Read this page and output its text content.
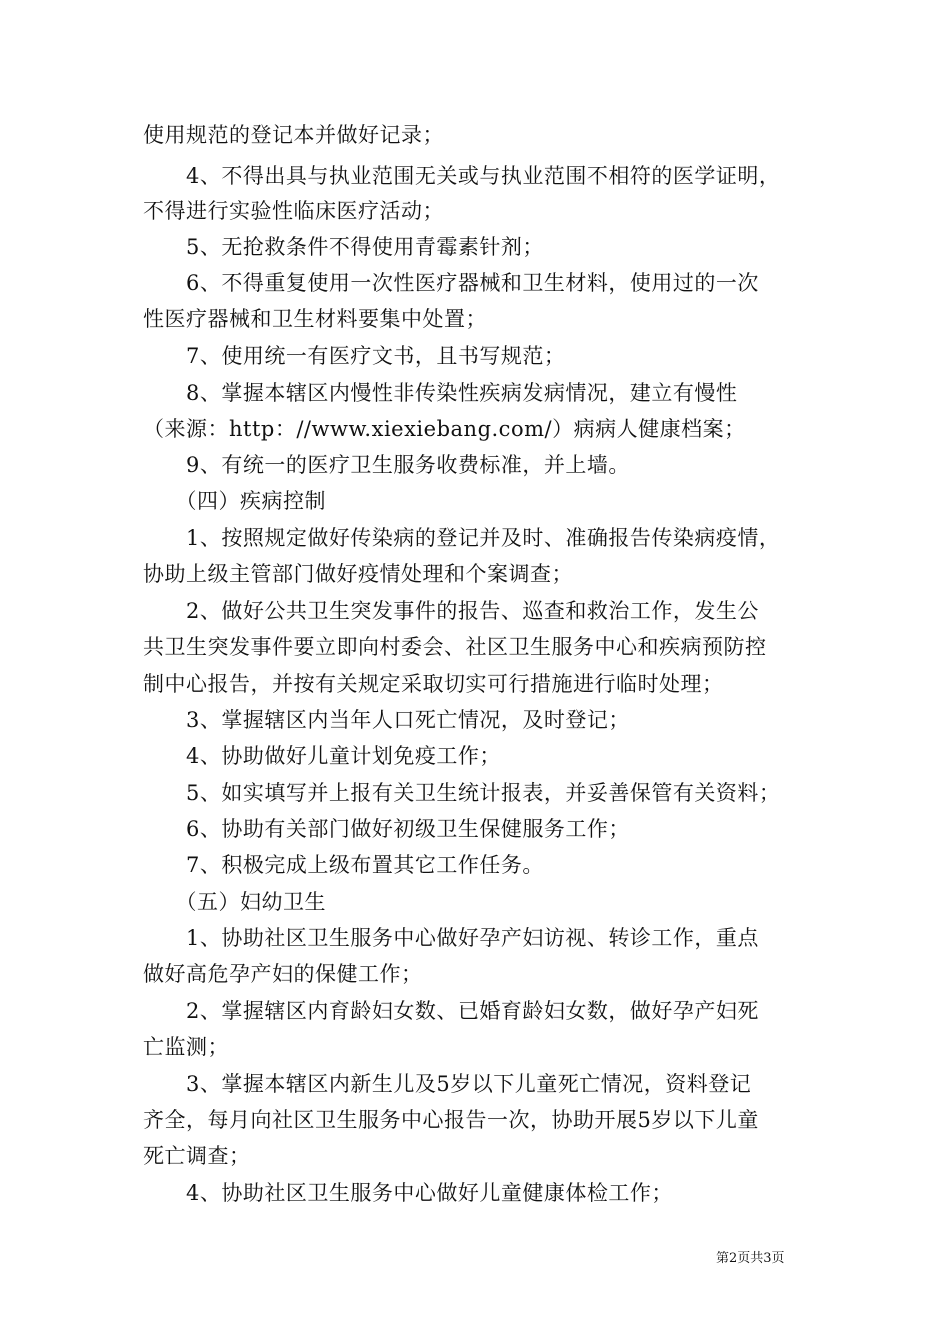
使用规范的登记本并做好记录；
　　4、不得出具与执业范围无关或与执业范围不相符的医学证明，
不得进行实验性临床医疗活动；
　　5、无抢救条件不得使用青霉素针剂；
　　6、不得重复使用一次性医疗器械和卫生材料，使用过的一次
性医疗器械和卫生材料要集中处置；
　　7、使用统一有医疗文书，且书写规范；
　　8、掌握本辖区内慢性非传染性疾病发病情况，建立有慢性
（来源：http：//www.xiexiebang.com/）病病人健康档案；
　　9、有统一的医疗卫生服务收费标准，并上墙。
　　（四）疾病控制
　　1、按照规定做好传染病的登记并及时、准确报告传染病疫情，
协助上级主管部门做好疫情处理和个案调查；
　　2、做好公共卫生突发事件的报告、巡查和救治工作，发生公
共卫生突发事件要立即向村委会、社区卫生服务中心和疾病预防控
制中心报告，并按有关规定采取切实可行措施进行临时处理；
　　3、掌握辖区内当年人口死亡情况，及时登记；
　　4、协助做好儿童计划免疫工作；
　　5、如实填写并上报有关卫生统计报表，并妥善保管有关资料；
　　6、协助有关部门做好初级卫生保健服务工作；
　　7、积极完成上级布置其它工作任务。
　　（五）妇幼卫生
　　1、协助社区卫生服务中心做好孕产妇访视、转诊工作，重点
做好高危孕产妇的保健工作；
　　2、掌握辖区内育龄妇女数、已婚育龄妇女数，做好孕产妇死
亡监测；
　　3、掌握本辖区内新生儿及5岁以下儿童死亡情况，资料登记
齐全，每月向社区卫生服务中心报告一次，协助开展5岁以下儿童
死亡调查；
　　4、协助社区卫生服务中心做好儿童健康体检工作；
第2页共3页
